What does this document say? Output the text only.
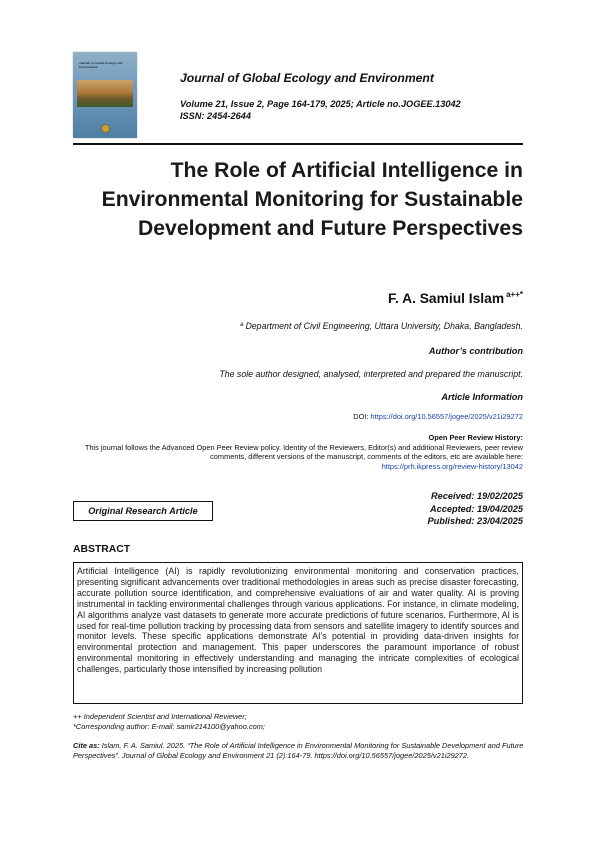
Journal of Global Ecology and Environment
Journal of Global Ecology and Environment
Volume 21, Issue 2, Page 164-179, 2025; Article no.JOGEE.13042
ISSN: 2454-2644
The Role of Artificial Intelligence in Environmental Monitoring for Sustainable Development and Future Perspectives
F. A. Samiul Islam $^{a++*}$
$^a$ Department of Civil Engineering, Uttara University, Dhaka, Bangladesh.
Author’s contribution
The sole author designed, analysed, interpreted and prepared the manuscript.
Article Information
DOI: https://doi.org/10.56557/jogee/2025/v21i29272
Open Peer Review History:
This journal follows the Advanced Open Peer Review policy. Identity of the Reviewers, Editor(s) and additional Reviewers, peer review comments, different versions of the manuscript, comments of the editors, etc are available here:
https://prh.ikpress.org/review-history/13042
Original Research Article
Received: 19/02/2025
Accepted: 19/04/2025
Published: 23/04/2025
ABSTRACT

Artificial Intelligence (AI) is rapidly revolutionizing environmental monitoring and conservation practices, presenting significant advancements over traditional methodologies in areas such as precise disaster forecasting, accurate pollution source identification, and comprehensive evaluations of air and water quality. AI is proving instrumental in tackling environmental challenges through various applications. For instance, in climate modeling, AI algorithms analyze vast datasets to generate more accurate predictions of future scenarios. Furthermore, AI is used for real-time pollution tracking by processing data from sensors and satellite imagery to identify sources and monitor levels. These specific applications demonstrate AI's potential in providing data-driven insights for environmental protection and management. This paper underscores the paramount importance of robust environmental monitoring in effectively understanding and managing the intricate complexities of ecological challenges, particularly those intensified by increasing pollution

++ Independent Scientist and International Reviewer;
*Corresponding author: E-mail: samir214100@yahoo.com;
Cite as: Islam, F. A. Samiul. 2025. “The Role of Artificial Intelligence in Environmental Monitoring for Sustainable Development and Future Perspectives”. Journal of Global Ecology and Environment 21 (2):164-79. https://doi.org/10.56557/jogee/2025/v21i29272.
